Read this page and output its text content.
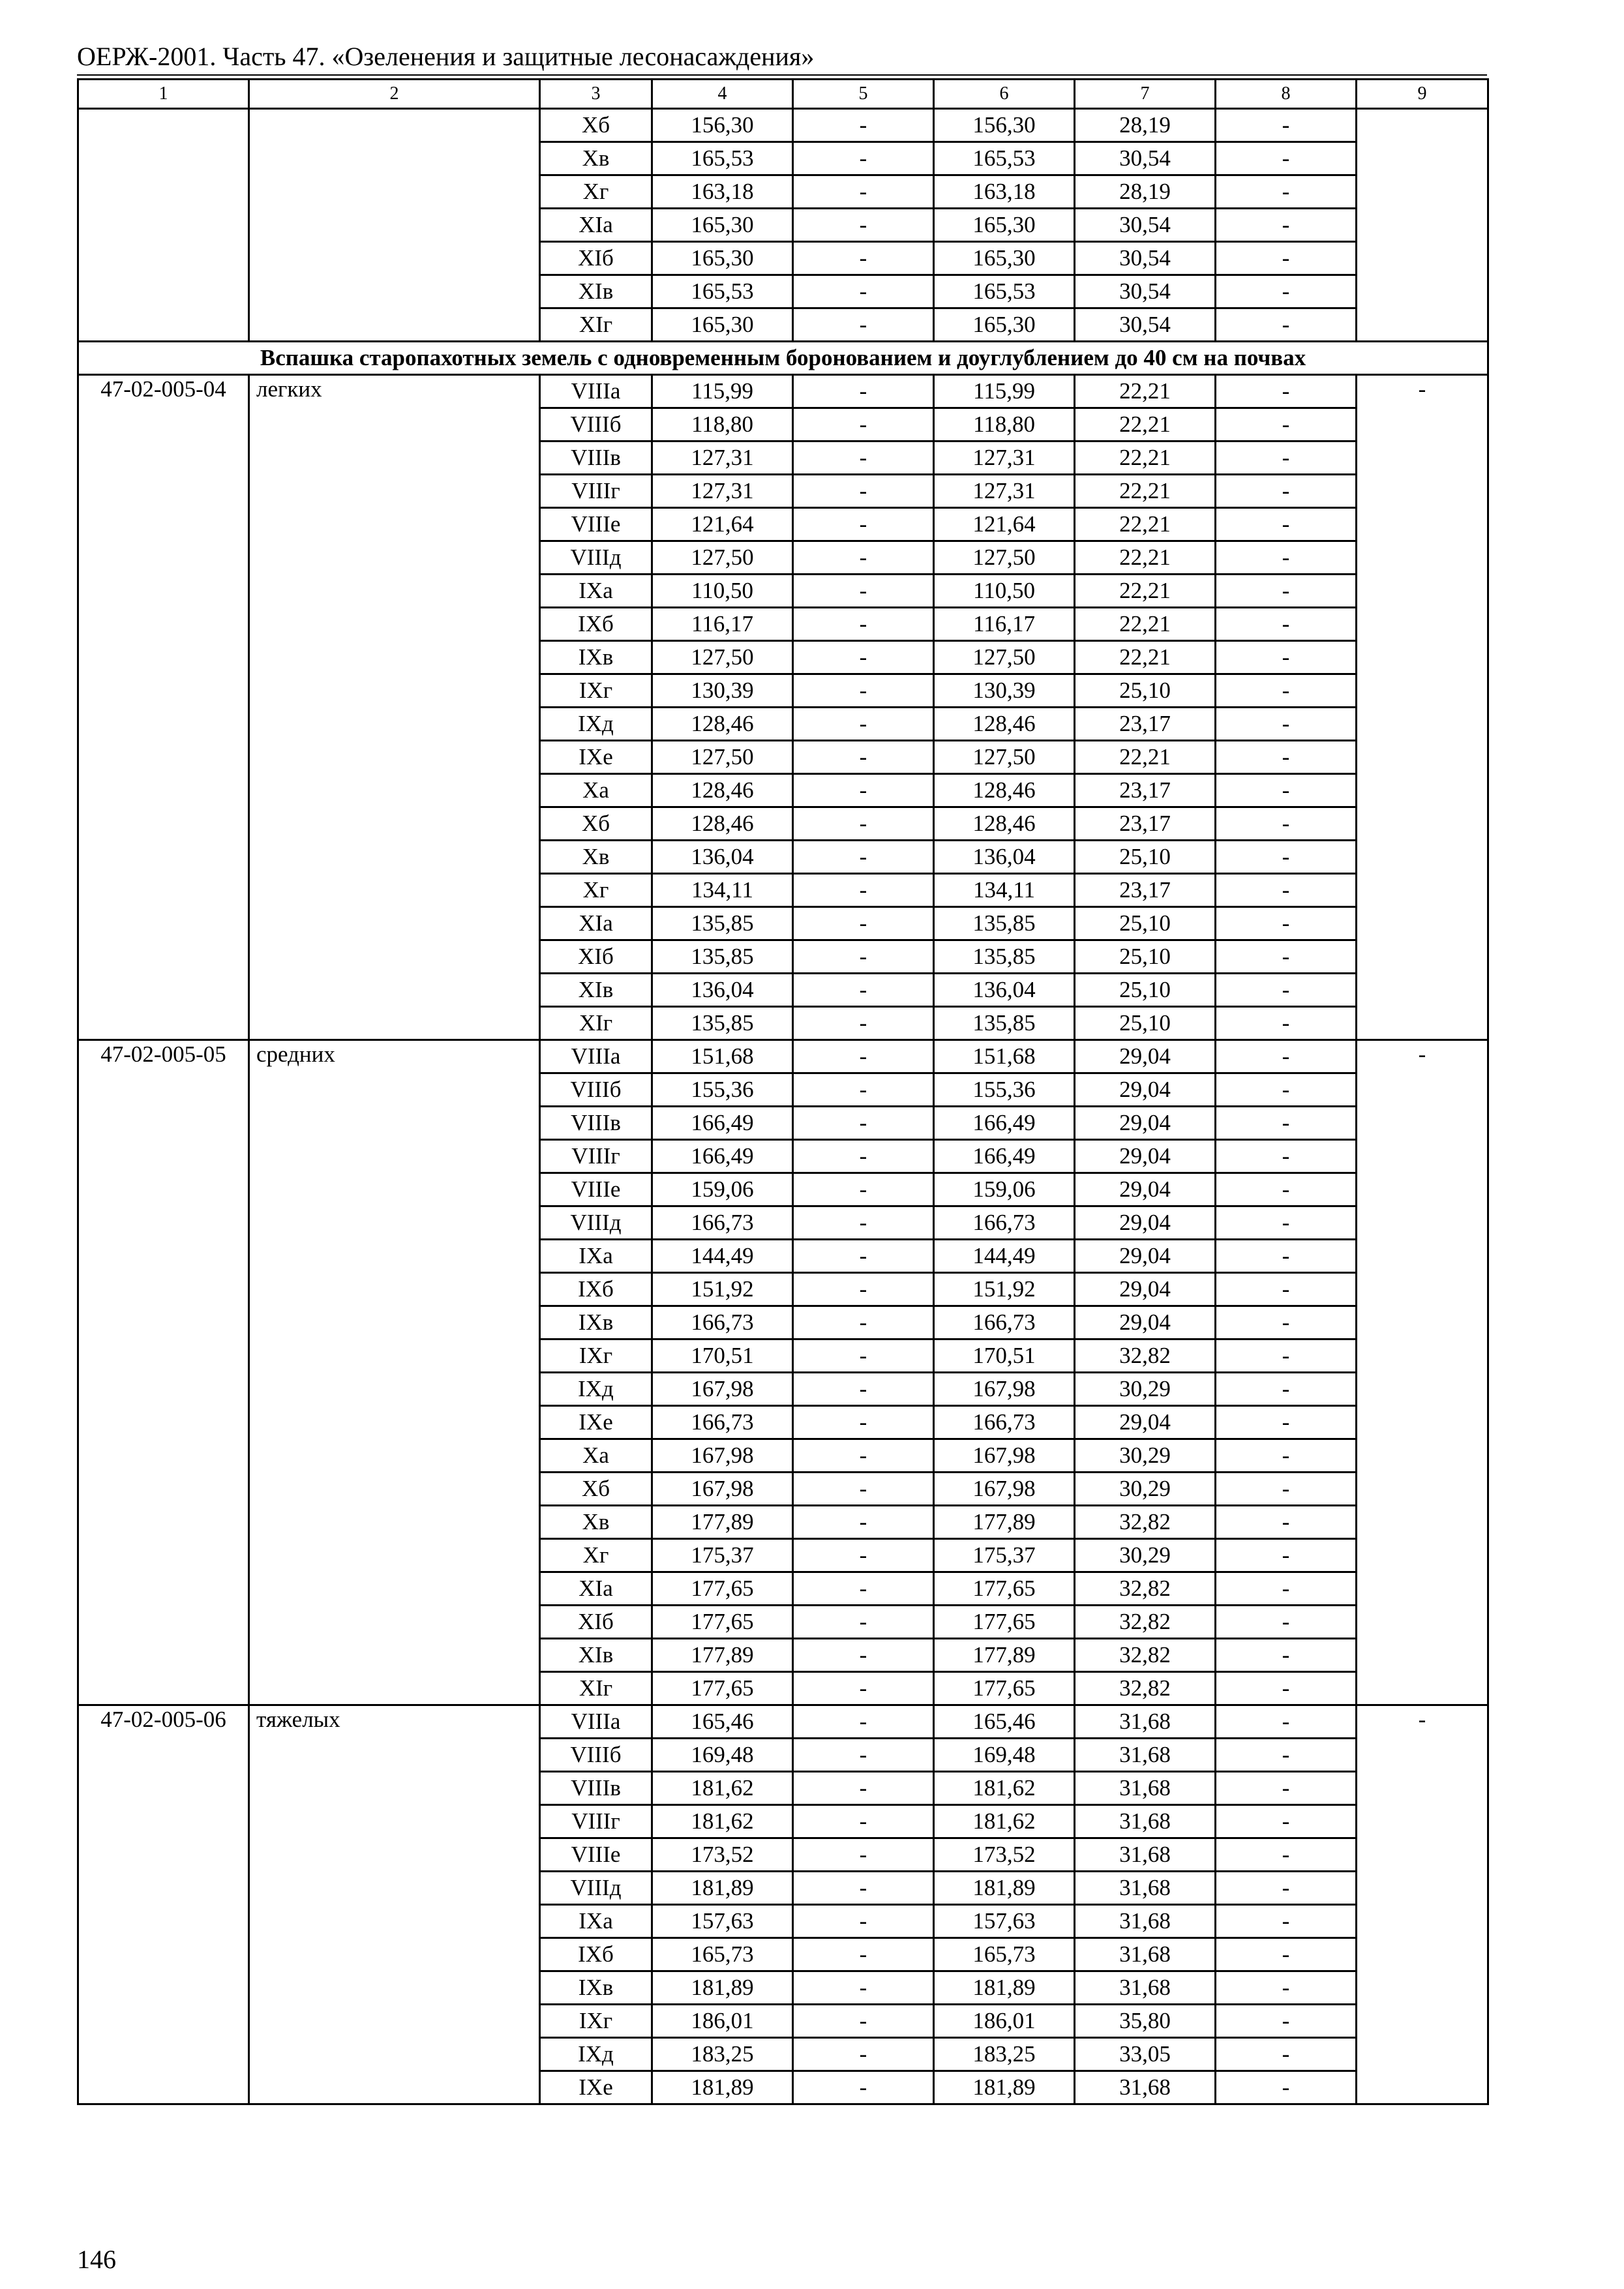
ОЕРЖ-2001. Часть 47. «Озеленения и защитные лесонасаждения»
1	2	3	4	5	6	7	8	9
		Хб	156,30	-	156,30	28,19	-	
		Хв	165,53	-	165,53	30,54	-	
		Хг	163,18	-	163,18	28,19	-	
		XIа	165,30	-	165,30	30,54	-	
		XIб	165,30	-	165,30	30,54	-	
		XIв	165,53	-	165,53	30,54	-	
		XIг	165,30	-	165,30	30,54	-	
Вспашка старопахотных земель с одновременным боронованием и доуглублением до 40 см на почвах								
47-02-005-04	легких	VIIIа	115,99	-	115,99	22,21	-	-
		VIIIб	118,80	-	118,80	22,21	-	
		VIIIв	127,31	-	127,31	22,21	-	
		VIIIг	127,31	-	127,31	22,21	-	
		VIIIе	121,64	-	121,64	22,21	-	
		VIIIд	127,50	-	127,50	22,21	-	
		IXа	110,50	-	110,50	22,21	-	
		IXб	116,17	-	116,17	22,21	-	
		IXв	127,50	-	127,50	22,21	-	
		IXг	130,39	-	130,39	25,10	-	
		IXд	128,46	-	128,46	23,17	-	
		IXе	127,50	-	127,50	22,21	-	
		Ха	128,46	-	128,46	23,17	-	
		Хб	128,46	-	128,46	23,17	-	
		Хв	136,04	-	136,04	25,10	-	
		Хг	134,11	-	134,11	23,17	-	
		XIа	135,85	-	135,85	25,10	-	
		XIб	135,85	-	135,85	25,10	-	
		XIв	136,04	-	136,04	25,10	-	
		XIг	135,85	-	135,85	25,10	-	
47-02-005-05	средних	VIIIа	151,68	-	151,68	29,04	-	-
		VIIIб	155,36	-	155,36	29,04	-	
		VIIIв	166,49	-	166,49	29,04	-	
		VIIIг	166,49	-	166,49	29,04	-	
		VIIIе	159,06	-	159,06	29,04	-	
		VIIIд	166,73	-	166,73	29,04	-	
		IXа	144,49	-	144,49	29,04	-	
		IXб	151,92	-	151,92	29,04	-	
		IXв	166,73	-	166,73	29,04	-	
		IXг	170,51	-	170,51	32,82	-	
		IXд	167,98	-	167,98	30,29	-	
		IXе	166,73	-	166,73	29,04	-	
		Ха	167,98	-	167,98	30,29	-	
		Хб	167,98	-	167,98	30,29	-	
		Хв	177,89	-	177,89	32,82	-	
		Хг	175,37	-	175,37	30,29	-	
		XIа	177,65	-	177,65	32,82	-	
		XIб	177,65	-	177,65	32,82	-	
		XIв	177,89	-	177,89	32,82	-	
		XIг	177,65	-	177,65	32,82	-	
47-02-005-06	тяжелых	VIIIа	165,46	-	165,46	31,68	-	-
		VIIIб	169,48	-	169,48	31,68	-	
		VIIIв	181,62	-	181,62	31,68	-	
		VIIIг	181,62	-	181,62	31,68	-	
		VIIIе	173,52	-	173,52	31,68	-	
		VIIIд	181,89	-	181,89	31,68	-	
		IXа	157,63	-	157,63	31,68	-	
		IXб	165,73	-	165,73	31,68	-	
		IXв	181,89	-	181,89	31,68	-	
		IXг	186,01	-	186,01	35,80	-	
		IXд	183,25	-	183,25	33,05	-	
		IXе	181,89	-	181,89	31,68	-	
146
